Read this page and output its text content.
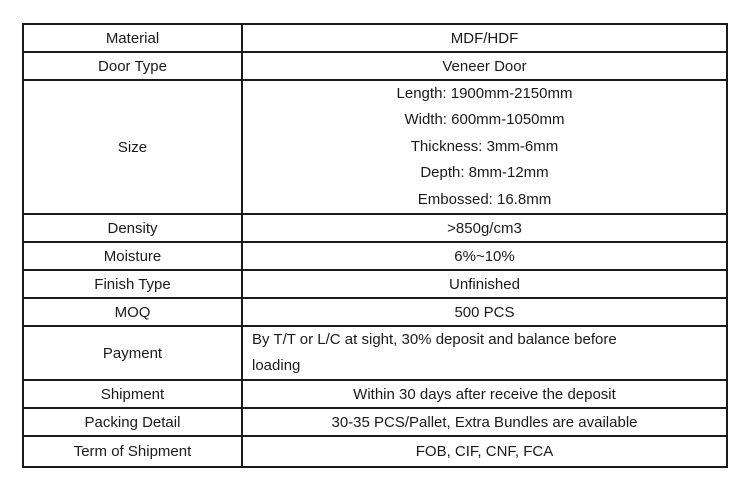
Material	MDF/HDF
Door Type	Veneer Door
Size	Length: 1900mm-2150mm
Width: 600mm-1050mm
Thickness: 3mm-6mm
Depth: 8mm-12mm
Embossed: 16.8mm

Density	>850g/cm3
Moisture	6%~10%
Finish Type	Unfinished
MOQ	500 PCS
Payment	By T/T or L/C at sight, 30% deposit and balance before loading

Shipment	Within 30 days after receive the deposit
Packing Detail	30-35 PCS/Pallet, Extra Bundles are available
Term of Shipment	FOB, CIF, CNF, FCA
